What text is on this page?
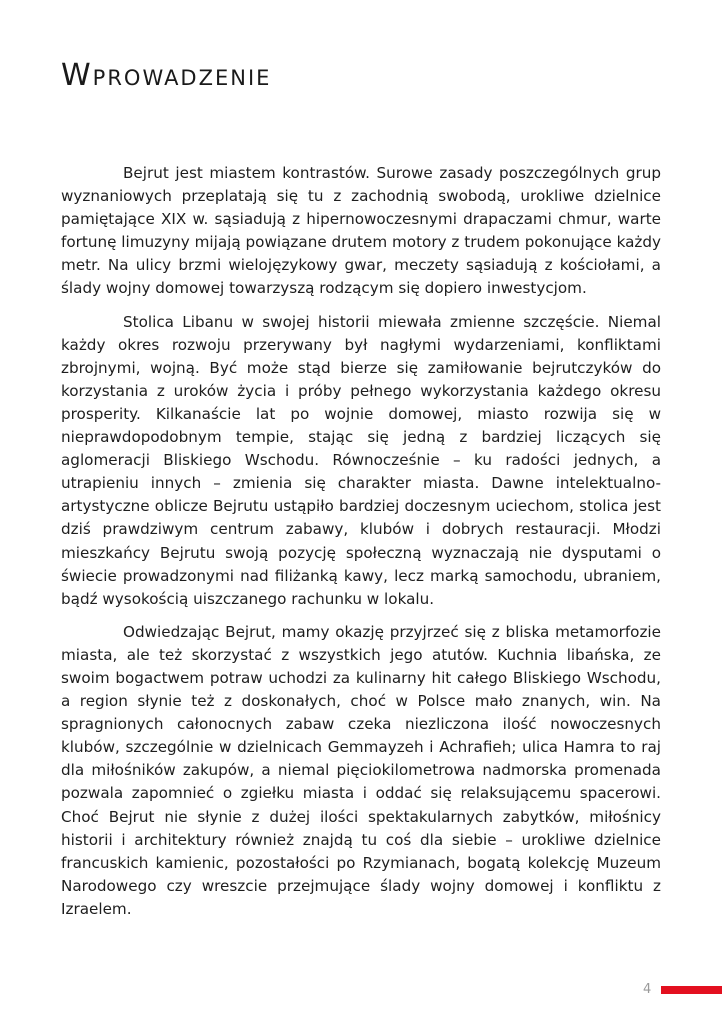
Wprowadzenie

Bejrut jest miastem kontrastów. Surowe zasady poszczególnych grup wyznaniowych przeplatają się tu z zachodnią swobodą, urokliwe dzielnice pamiętające XIX w. sąsiadują z hipernowoczesnymi drapaczami chmur, warte fortunę limuzyny mijają powiązane drutem motory z trudem pokonujące każdy metr. Na ulicy brzmi wielojęzykowy gwar, meczety sąsiadują z kościołami, a ślady wojny domowej towarzyszą rodzącym się dopiero inwestycjom.

Stolica Libanu w swojej historii miewała zmienne szczęście. Niemal każdy okres rozwoju przerywany był nagłymi wydarzeniami, konfliktami zbrojnymi, wojną. Być może stąd bierze się zamiłowanie bejrutczyków do korzystania z uroków życia i próby pełnego wykorzystania każdego okresu prosperity. Kilkanaście lat po wojnie domowej, miasto rozwija się w nieprawdopodobnym tempie, stając się jedną z bardziej liczących się aglomeracji Bliskiego Wschodu. Równocześnie – ku radości jednych, a utrapieniu innych – zmienia się charakter miasta. Dawne intelektualno-artystyczne oblicze Bejrutu ustąpiło bardziej doczesnym uciechom, stolica jest dziś prawdziwym centrum zabawy, klubów i dobrych restauracji. Młodzi mieszkańcy Bejrutu swoją pozycję społeczną wyznaczają nie dysputami o świecie prowadzonymi nad filiżanką kawy, lecz marką samochodu, ubraniem, bądź wysokością uiszczanego rachunku w lokalu.

Odwiedzając Bejrut, mamy okazję przyjrzeć się z bliska metamorfozie miasta, ale też skorzystać z wszystkich jego atutów. Kuchnia libańska, ze swoim bogactwem potraw uchodzi za kulinarny hit całego Bliskiego Wschodu, a region słynie też z doskonałych, choć w Polsce mało znanych, win. Na spragnionych całonocnych zabaw czeka niezliczona ilość nowoczesnych klubów, szczególnie w dzielnicach Gemmayzeh i Achrafieh; ulica Hamra to raj dla miłośników zakupów, a niemal pięciokilometrowa nadmorska promenada pozwala zapomnieć o zgiełku miasta i oddać się relaksującemu spacerowi. Choć Bejrut nie słynie z dużej ilości spektakularnych zabytków, miłośnicy historii i architektury również znajdą tu coś dla siebie – urokliwe dzielnice francuskich kamienic, pozostałości po Rzymianach, bogatą kolekcję Muzeum Narodowego czy wreszcie przejmujące ślady wojny domowej i konfliktu z Izraelem.

4
